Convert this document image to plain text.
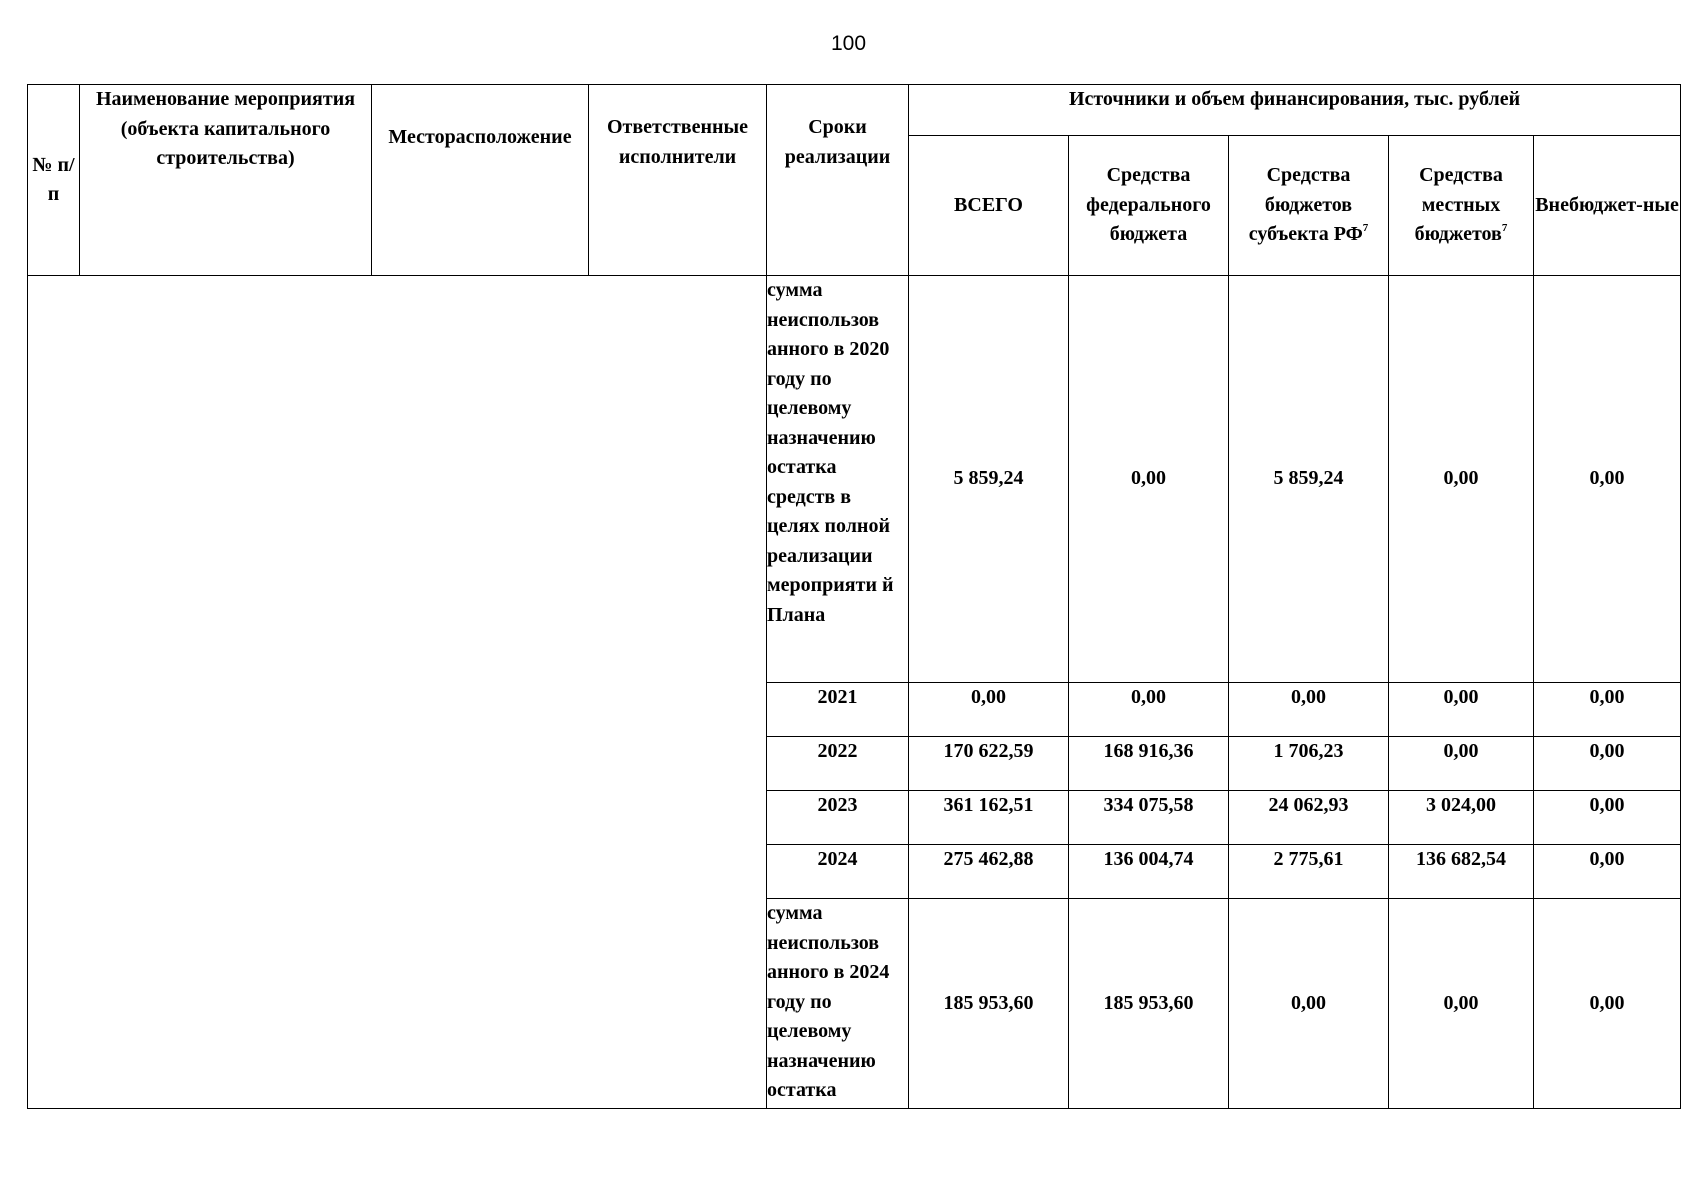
100
№ п/п	Наименование мероприятия (объекта капитального строительства)	Месторасположение	Ответственные исполнители	Сроки реализации	Источники и объем финансирования, тыс. рублей				
					ВСЕГО	Средства федерального бюджета	Средства бюджетов субъекта $РФ^7$	Средства местных бюджетов$^7$	Внебюджет-ные
				сумма неиспользов анного в 2020 году по целевому назначению остатка средств в целях полной реализации мероприяти й Плана	5 859,24	0,00	5 859,24	0,00	0,00
				2021	0,00	0,00	0,00	0,00	0,00
				2022	170 622,59	168 916,36	1 706,23	0,00	0,00
				2023	361 162,51	334 075,58	24 062,93	3 024,00	0,00
				2024	275 462,88	136 004,74	2 775,61	136 682,54	0,00
				сумма неиспользов анного в 2024 году по целевому назначению остатка	185 953,60	185 953,60	0,00	0,00	0,00
